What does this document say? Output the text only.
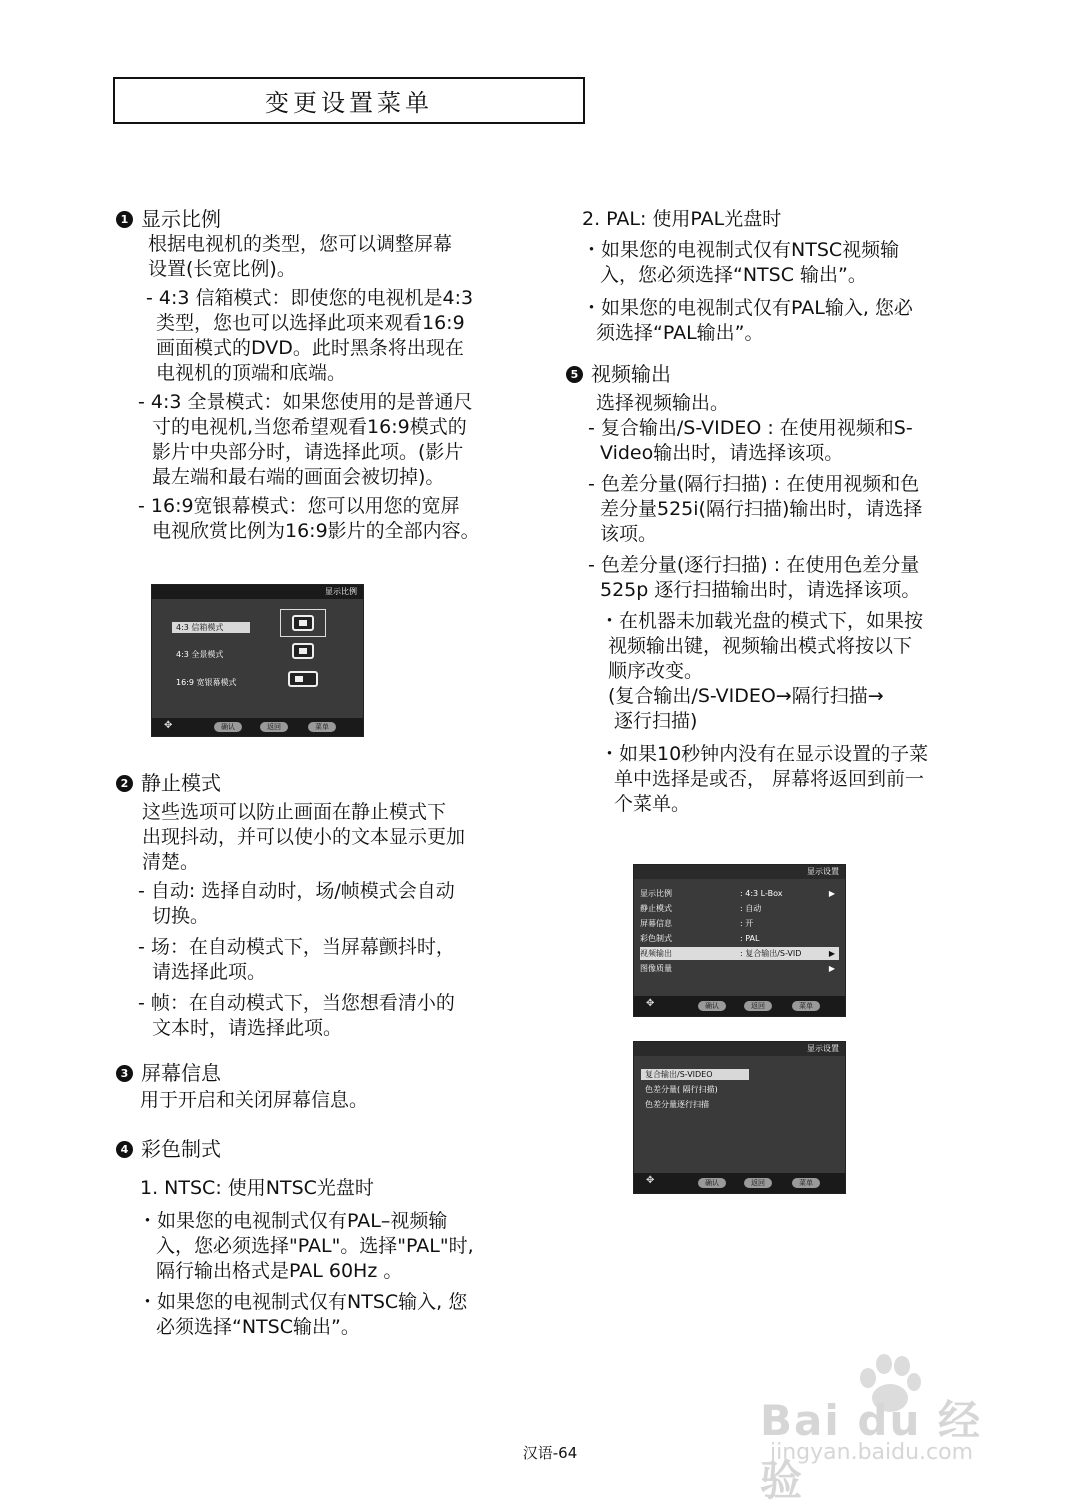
变更设置菜单
1 显示比例

根据电视机的类型，您可以调整屏幕

设置(长宽比例)。

- 4:3 信箱模式：即使您的电视机是4:3

类型，您也可以选择此项来观看16:9

画面模式的DVD。此时黑条将出现在

电视机的顶端和底端。

- 4:3 全景模式：如果您使用的是普通尺

寸的电视机,当您希望观看16:9模式的

影片中央部分时，请选择此项。(影片

最左端和最右端的画面会被切掉)。

- 16:9宽银幕模式：您可以用您的宽屏

电视欣赏比例为16:9影片的全部内容。

显示比例
4:3 信箱模式
4:3 全景模式
16:9 宽银幕模式
✥	确认	返回	菜单
2 静止模式

这些选项可以防止画面在静止模式下

出现抖动，并可以使小的文本显示更加

清楚。

- 自动: 选择自动时，场/帧模式会自动

切换。

- 场：在自动模式下，当屏幕颤抖时，

请选择此项。

- 帧：在自动模式下，当您想看清小的

文本时，请选择此项。

3 屏幕信息

用于开启和关闭屏幕信息。

4 彩色制式

1. NTSC: 使用NTSC光盘时

・如果您的电视制式仅有PAL–视频输

入，您必须选择"PAL"。选择"PAL"时,

隔行输出格式是PAL 60Hz 。

・如果您的电视制式仅有NTSC输入, 您

必须选择“NTSC输出”。

2. PAL: 使用PAL光盘时

・如果您的电视制式仅有NTSC视频输

入，您必须选择“NTSC 输出”。

・如果您的电视制式仅有PAL输入, 您必

须选择“PAL输出”。

5 视频输出

选择视频输出。

- 复合输出/S-VIDEO : 在使用视频和S-

Video输出时，请选择该项。

- 色差分量(隔行扫描) : 在使用视频和色

差分量525i(隔行扫描)输出时，请选择

该项。

- 色差分量(逐行扫描) : 在使用色差分量

525p 逐行扫描输出时，请选择该项。

・在机器未加载光盘的模式下，如果按

视频输出键，视频输出模式将按以下

顺序改变。

(复合输出/S-VIDEO→隔行扫描→

逐行扫描)

・如果10秒钟内没有在显示设置的子菜

单中选择是或否， 屏幕将返回到前一

个菜单。

显示设置
显示比例	: 4:3 L-Box	▶
静止模式	: 自动
屏幕信息	: 开
彩色制式	: PAL
视频输出	: 复合输出/S-VID	▶
图像质量	▶
✥	确认	返回	菜单
显示设置
复合输出/S-VIDEO
色差分量( 隔行扫描)
色差分量逐行扫描
✥	确认	返回	菜单
汉语-64
Bai du 经验
jingyan.baidu.com
